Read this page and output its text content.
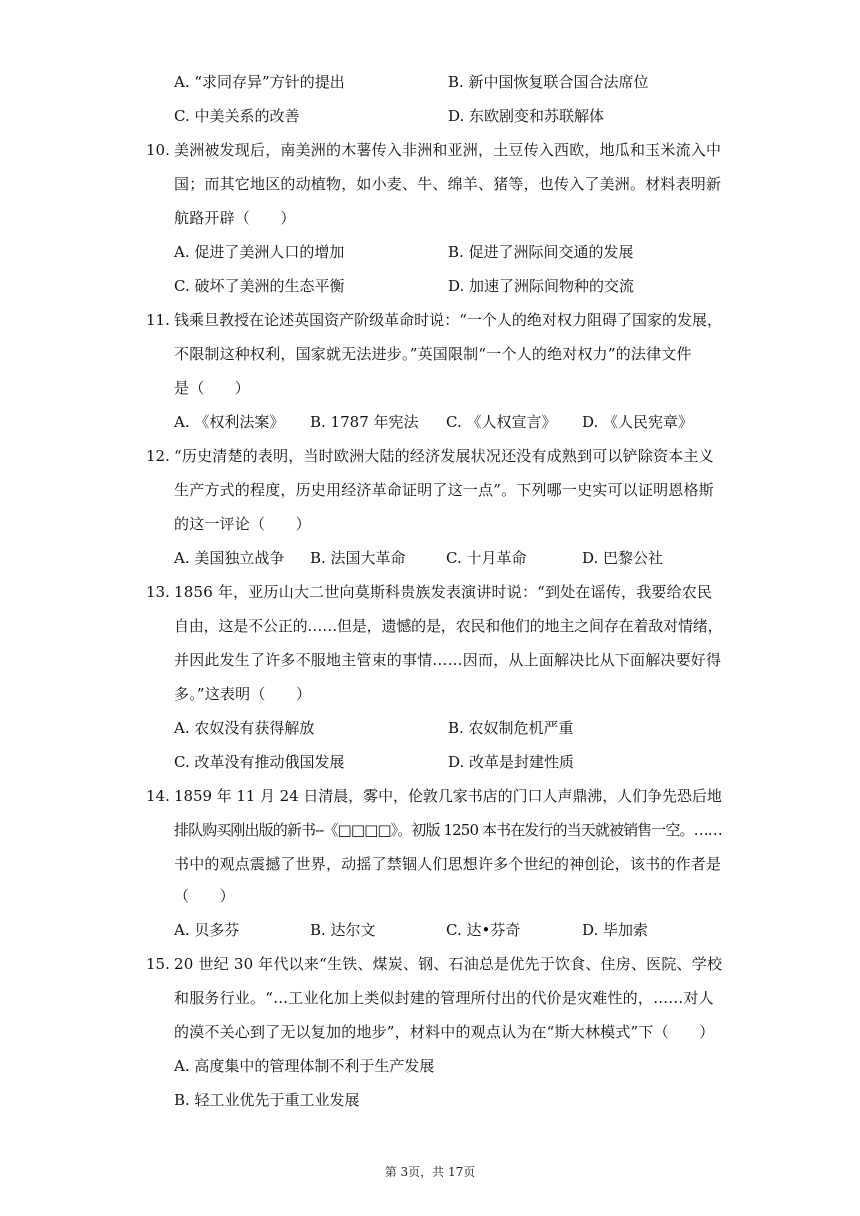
A. “求同存异”方针的提出	B. 新中国恢复联合国合法席位
C. 中美关系的改善	D. 东欧剧变和苏联解体
10. 美洲被发现后，南美洲的木薯传入非洲和亚洲，土豆传入西欧，地瓜和玉米流入中
国；而其它地区的动植物，如小麦、牛、绵羊、猪等，也传入了美洲。材料表明新
航路开辟（　　）
A. 促进了美洲人口的增加	B. 促进了洲际间交通的发展
C. 破坏了美洲的生态平衡	D. 加速了洲际间物种的交流
11. 钱乘旦教授在论述英国资产阶级革命时说：“一个人的绝对权力阻碍了国家的发展，
不限制这种权利，国家就无法进步。”英国限制“一个人的绝对权力”的法律文件
是（　　）
A. 《权利法案》 B. 1787 年宪法 C. 《人权宣言》 D. 《人民宪章》
12. “历史清楚的表明，当时欧洲大陆的经济发展状况还没有成熟到可以铲除资本主义
生产方式的程度，历史用经济革命证明了这一点”。下列哪一史实可以证明恩格斯
的这一评论（　　）
A. 美国独立战争 B. 法国大革命	C. 十月革命	D. 巴黎公社
13. 1856 年，亚历山大二世向莫斯科贵族发表演讲时说：“到处在谣传，我要给农民
自由，这是不公正的……但是，遗憾的是，农民和他们的地主之间存在着敌对情绪，
并因此发生了许多不服地主管束的事情……因而，从上面解决比从下面解决要好得
多。”这表明（　　）
A. 农奴没有获得解放	B. 农奴制危机严重
C. 改革没有推动俄国发展	D. 改革是封建性质
14. 1859 年 11 月 24 日清晨，雾中，伦敦几家书店的门口人声鼎沸，人们争先恐后地
排队购买刚出版的新书--《□□□□》。初版 1250 本书在发行的当天就被销售一空。……
书中的观点震撼了世界，动摇了禁锢人们思想许多个世纪的神创论，该书的作者是
（　　）
A. 贝多芬	B. 达尔文	C. 达•芬奇	D. 毕加索
15. 20 世纪 30 年代以来“生铁、煤炭、钢、石油总是优先于饮食、住房、医院、学校
和服务行业。“…工业化加上类似封建的管理所付出的代价是灾难性的，……对人
的漠不关心到了无以复加的地步”，材料中的观点认为在“斯大林模式”下（　　）
A. 高度集中的管理体制不利于生产发展
B. 轻工业优先于重工业发展
第 3页，共 17页
